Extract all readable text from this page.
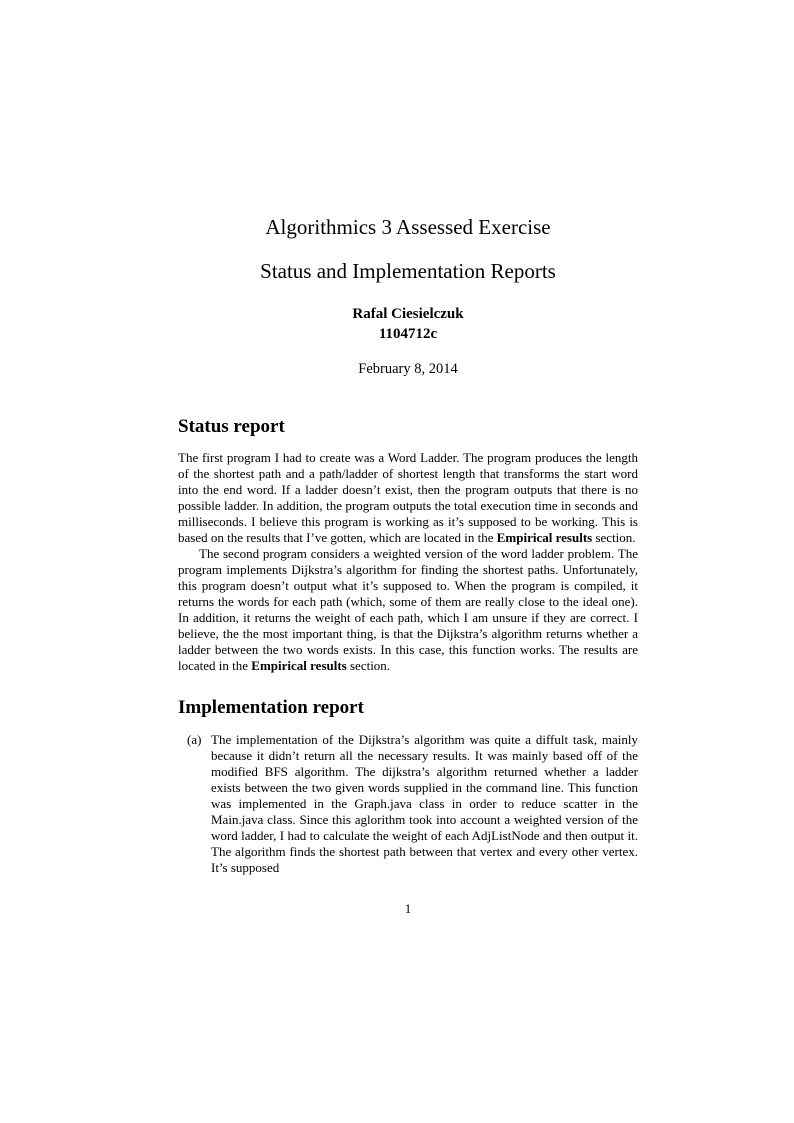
Algorithmics 3 Assessed Exercise
Status and Implementation Reports
Rafal Ciesielczuk
1104712c
February 8, 2014
Status report

The first program I had to create was a Word Ladder. The program produces the length of the shortest path and a path/ladder of shortest length that transforms the start word into the end word. If a ladder doesn’t exist, then the program outputs that there is no possible ladder. In addition, the program outputs the total execution time in seconds and milliseconds. I believe this program is working as it’s supposed to be working. This is based on the results that I’ve gotten, which are located in the Empirical results section.

The second program considers a weighted version of the word ladder problem. The program implements Dijkstra’s algorithm for finding the shortest paths. Unfortunately, this program doesn’t output what it’s supposed to. When the program is compiled, it returns the words for each path (which, some of them are really close to the ideal one). In addition, it returns the weight of each path, which I am unsure if they are correct. I believe, the the most important thing, is that the Dijkstra’s algorithm returns whether a ladder between the two words exists. In this case, this function works. The results are located in the Empirical results section.

Implementation report
(a) The implementation of the Dijkstra’s algorithm was quite a diffult task, mainly because it didn’t return all the necessary results. It was mainly based off of the modified BFS algorithm. The dijkstra’s algorithm returned whether a ladder exists between the two given words supplied in the command line. This function was implemented in the Graph.java class in order to reduce scatter in the Main.java class. Since this aglorithm took into account a weighted version of the word ladder, I had to calculate the weight of each AdjListNode and then output it. The algorithm finds the shortest path between that vertex and every other vertex. It’s supposed
1
